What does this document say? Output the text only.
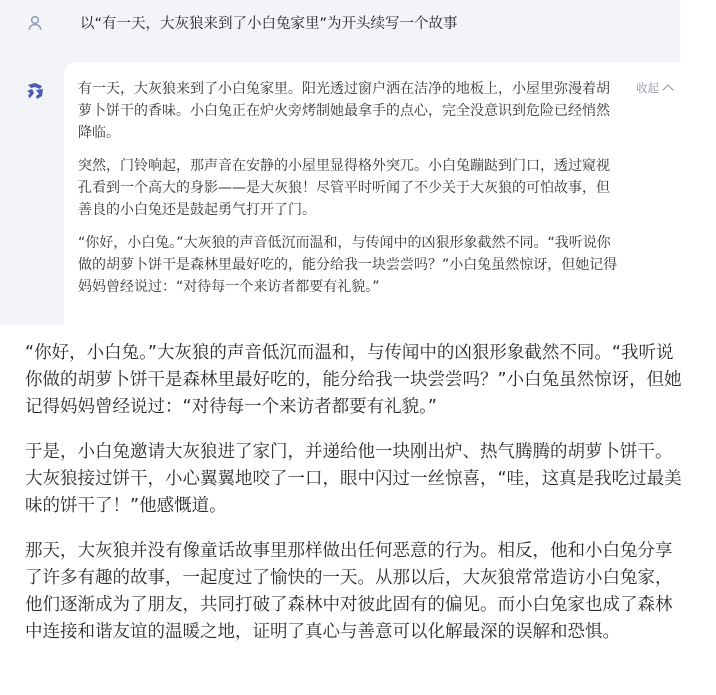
以“有一天，大灰狼来到了小白兔家里”为开头续写一个故事

有一天，大灰狼来到了小白兔家里。阳光透过窗户洒在洁净的地板上，小屋里弥漫着胡萝卜饼干的香味。小白兔正在炉火旁烤制她最拿手的点心，完全没意识到危险已经悄然降临。

突然，门铃响起，那声音在安静的小屋里显得格外突兀。小白兔蹦跶到门口，透过窥视孔看到一个高大的身影——是大灰狼！尽管平时听闻了不少关于大灰狼的可怕故事，但善良的小白兔还是鼓起勇气打开了门。

“你好，小白兔。”大灰狼的声音低沉而温和，与传闻中的凶狠形象截然不同。“我听说你做的胡萝卜饼干是森林里最好吃的，能分给我一块尝尝吗？”小白兔虽然惊讶，但她记得妈妈曾经说过：“对待每一个来访者都要有礼貌。”

收起

“你好，小白兔。”大灰狼的声音低沉而温和，与传闻中的凶狠形象截然不同。“我听说你做的胡萝卜饼干是森林里最好吃的，能分给我一块尝尝吗？”小白兔虽然惊讶，但她记得妈妈曾经说过：“对待每一个来访者都要有礼貌。”

于是，小白兔邀请大灰狼进了家门，并递给他一块刚出炉、热气腾腾的胡萝卜饼干。大灰狼接过饼干，小心翼翼地咬了一口，眼中闪过一丝惊喜，“哇，这真是我吃过最美味的饼干了！”他感慨道。

那天，大灰狼并没有像童话故事里那样做出任何恶意的行为。相反，他和小白兔分享了许多有趣的故事，一起度过了愉快的一天。从那以后，大灰狼常常造访小白兔家，他们逐渐成为了朋友，共同打破了森林中对彼此固有的偏见。而小白兔家也成了森林中连接和谐友谊的温暖之地，证明了真心与善意可以化解最深的误解和恐惧。
